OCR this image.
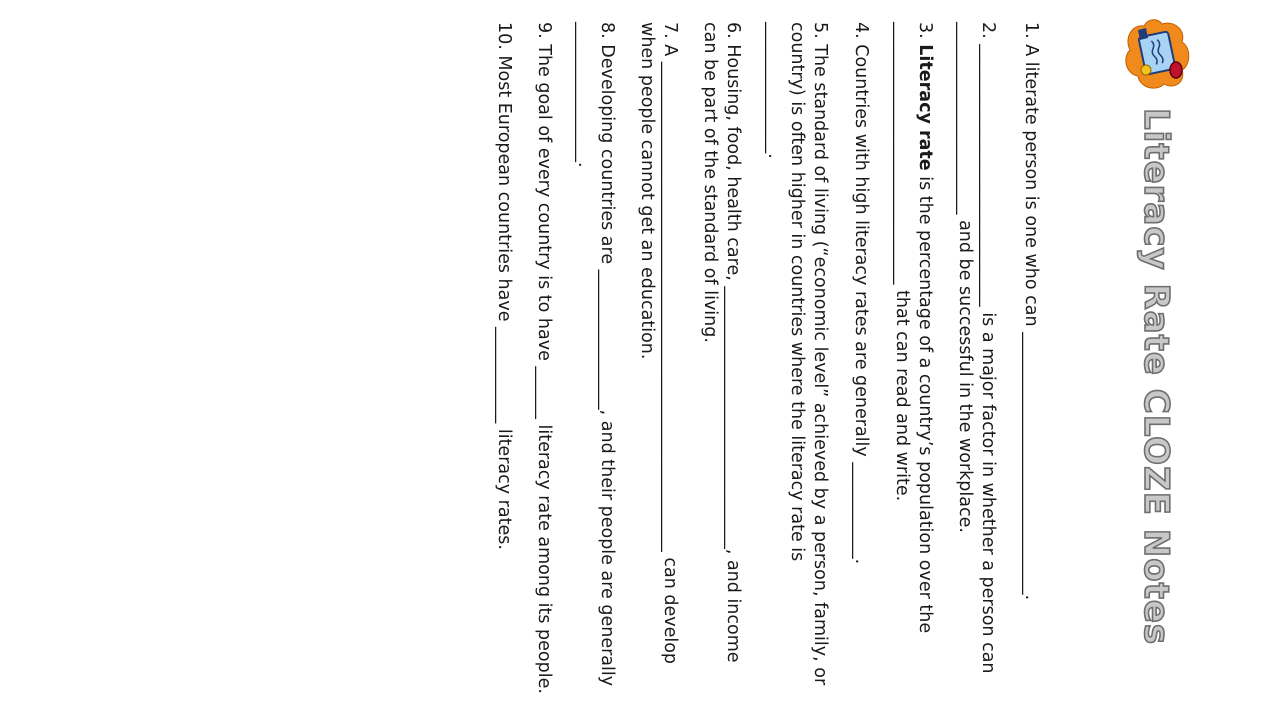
Literacy Rate CLOZE Notes

1. A literate person is one who can ______________________________.

2. ______________________________ is a major factor in whether a person can ______________________ and be successful in the workplace.

3. Literacy rate is the percentage of a country’s population over the ______________________________ that can read and write.

4. Countries with high literacy rates are generally ___________.

5. The standard of living (“economic level” achieved by a person, family, or country) is often higher in countries where the literacy rate is _______________.

6. Housing, food, health care, ______________________________, and income can be part of the standard of living.

7. A ________________________________________________________ can develop when people cannot get an education.

8. Developing countries are ________________, and their people are generally ________________.

9. The goal of every country is to have ______ literacy rate among its people.

10. Most European countries have ___________ literacy rates.
